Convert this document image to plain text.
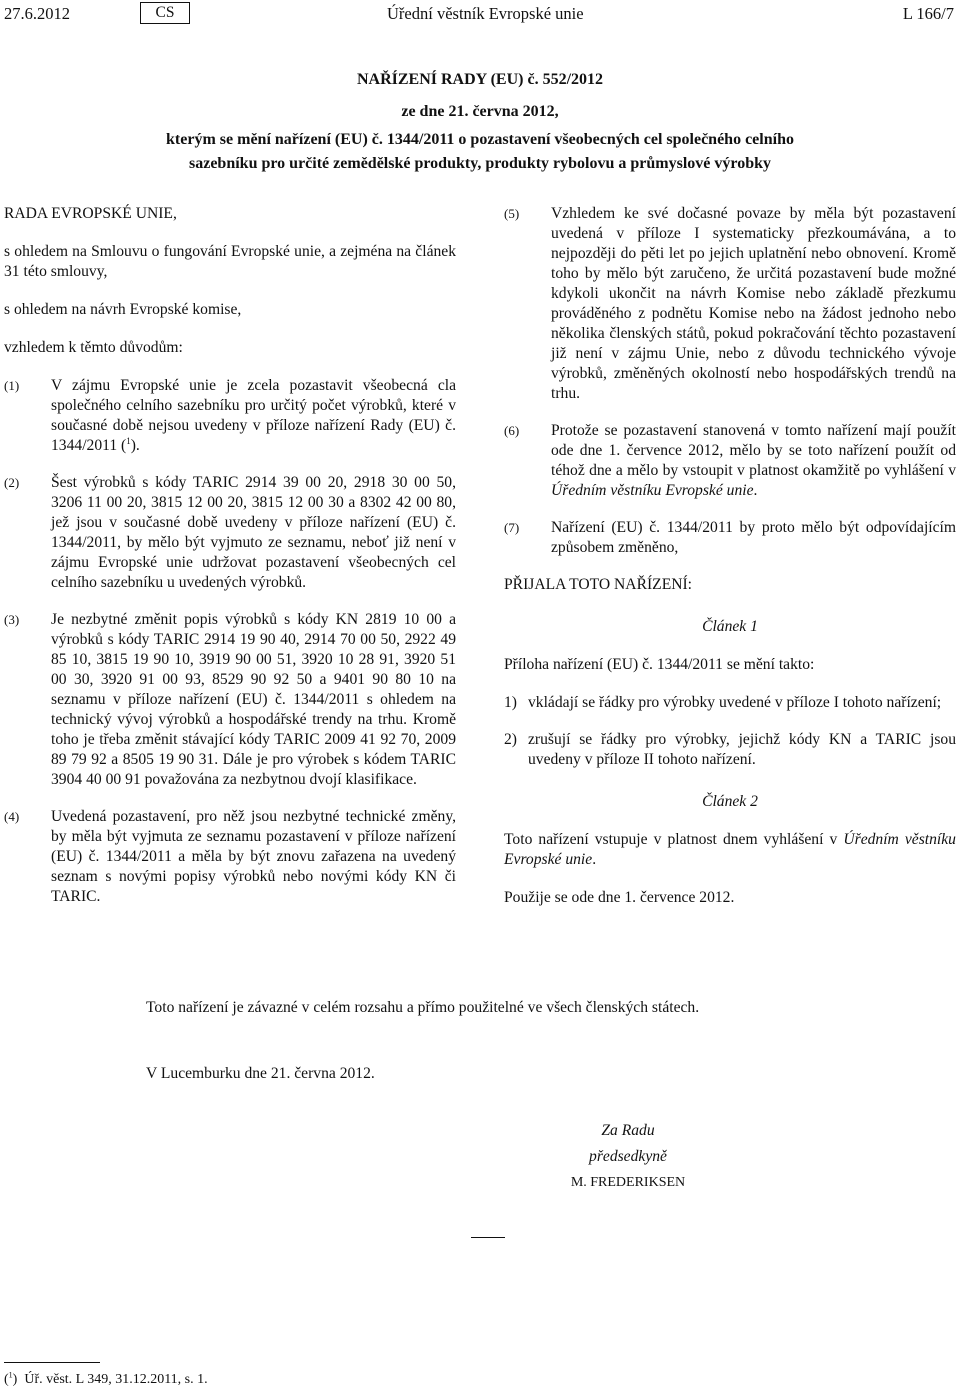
27.6.2012	CS	Úřední věstník Evropské unie	L 166/7
NAŘÍZENÍ RADY (EU) č. 552/2012
ze dne 21. června 2012,
kterým se mění nařízení (EU) č. 1344/2011 o pozastavení všeobecných cel společného celního
sazebníku pro určité zemědělské produkty, produkty rybolovu a průmyslové výrobky

RADA EVROPSKÉ UNIE,

s ohledem na Smlouvu o fungování Evropské unie, a zejména na článek 31 této smlouvy,

s ohledem na návrh Evropské komise,

vzhledem k těmto důvodům:

(1) V zájmu Evropské unie je zcela pozastavit všeobecná cla společného celního sazebníku pro určitý počet výrobků, které v současné době nejsou uvedeny v příloze nařízení Rady (EU) č. 1344/2011 ($^1$).
(2) Šest výrobků s kódy TARIC 2914 39 00 20, 2918 30 00 50, 3206 11 00 20, 3815 12 00 20, 3815 12 00 30 a 8302 42 00 80, jež jsou v současné době uvedeny v příloze nařízení (EU) č. 1344/2011, by mělo být vyjmuto ze seznamu, neboť již není v zájmu Evropské unie udržovat pozastavení všeobecných cel celního sazebníku u uvedených výrobků.
(3) Je nezbytné změnit popis výrobků s kódy KN 2819 10 00 a výrobků s kódy TARIC 2914 19 90 40, 2914 70 00 50, 2922 49 85 10, 3815 19 90 10, 3919 90 00 51, 3920 10 28 91, 3920 51 00 30, 3920 91 00 93, 8529 90 92 50 a 9401 90 80 10 na seznamu v příloze nařízení (EU) č. 1344/2011 s ohledem na technický vývoj výrobků a hospodářské trendy na trhu. Kromě toho je třeba změnit stávající kódy TARIC 2009 41 92 70, 2009 89 79 92 a 8505 19 90 31. Dále je pro výrobek s kódem TARIC 3904 40 00 91 považována za nezbytnou dvojí klasifikace.
(4) Uvedená pozastavení, pro něž jsou nezbytné technické změny, by měla být vyjmuta ze seznamu pozastavení v příloze nařízení (EU) č. 1344/2011 a měla by být znovu zařazena na uvedený seznam s novými popisy výrobků nebo novými kódy KN či TARIC.
(5) Vzhledem ke své dočasné povaze by měla být pozastavení uvedená v příloze I systematicky přezkoumávána, a to nejpozději do pěti let po jejich uplatnění nebo obnovení. Kromě toho by mělo být zaručeno, že určitá pozastavení bude možné kdykoli ukončit na návrh Komise nebo základě přezkumu prováděného z podnětu Komise nebo na žádost jednoho nebo několika členských států, pokud pokračování těchto pozastavení již není v zájmu Unie, nebo z důvodu technického vývoje výrobků, změněných okolností nebo hospodářských trendů na trhu.
(6) Protože se pozastavení stanovená v tomto nařízení mají použít ode dne 1. července 2012, mělo by se toto nařízení použít od téhož dne a mělo by vstoupit v platnost okamžitě po vyhlášení v Úředním věstníku Evropské unie.
(7) Nařízení (EU) č. 1344/2011 by proto mělo být odpovídajícím způsobem změněno,

PŘIJALA TOTO NAŘÍZENÍ:

Článek 1

Příloha nařízení (EU) č. 1344/2011 se mění takto:

1) vkládají se řádky pro výrobky uvedené v příloze I tohoto nařízení;
2) zrušují se řádky pro výrobky, jejichž kódy KN a TARIC jsou uvedeny v příloze II tohoto nařízení.
Článek 2

Toto nařízení vstupuje v platnost dnem vyhlášení v Úředním věstníku Evropské unie.

Použije se ode dne 1. července 2012.

Toto nařízení je závazné v celém rozsahu a přímo použitelné ve všech členských státech.
V Lucemburku dne 21. června 2012.
Za Radu
předsedkyně
M. FREDERIKSEN
($^1$)  Úř. věst. L 349, 31.12.2011, s. 1.
